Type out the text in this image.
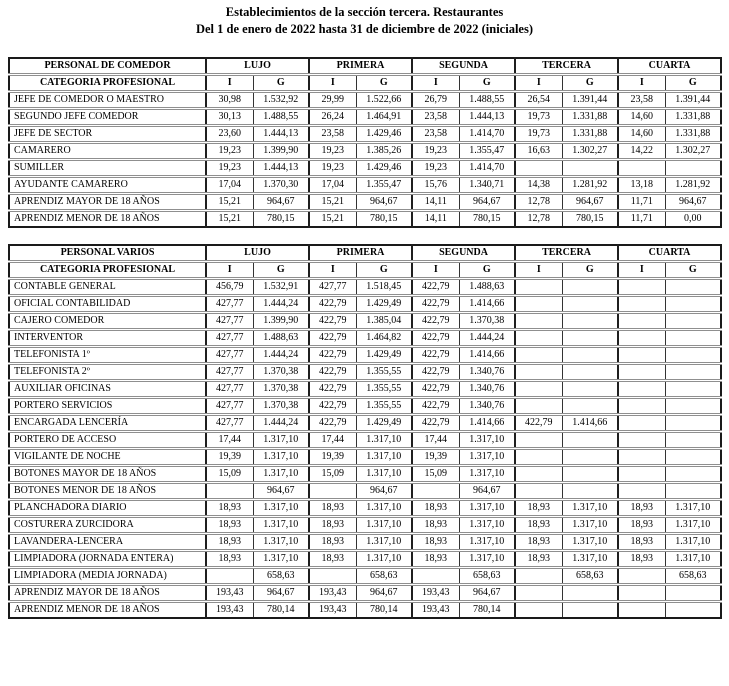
Establecimientos de la sección tercera. Restaurantes
Del 1 de enero de 2022 hasta 31 de diciembre de 2022 (iniciales)
PERSONAL DE COMEDOR	LUJO		PRIMERA		SEGUNDA		TERCERA		CUARTA	
CATEGORIA PROFESIONAL	I	G	I	G	I	G	I	G	I	G
JEFE DE COMEDOR O MAESTRO	30,98	1.532,92	29,99	1.522,66	26,79	1.488,55	26,54	1.391,44	23,58	1.391,44
SEGUNDO JEFE COMEDOR	30,13	1.488,55	26,24	1.464,91	23,58	1.444,13	19,73	1.331,88	14,60	1.331,88
JEFE DE SECTOR	23,60	1.444,13	23,58	1.429,46	23,58	1.414,70	19,73	1.331,88	14,60	1.331,88
CAMARERO	19,23	1.399,90	19,23	1.385,26	19,23	1.355,47	16,63	1.302,27	14,22	1.302,27
SUMILLER	19,23	1.444,13	19,23	1.429,46	19,23	1.414,70				
AYUDANTE CAMARERO	17,04	1.370,30	17,04	1.355,47	15,76	1.340,71	14,38	1.281,92	13,18	1.281,92
APRENDIZ MAYOR DE 18 AÑOS	15,21	964,67	15,21	964,67	14,11	964,67	12,78	964,67	11,71	964,67
APRENDIZ MENOR DE 18 AÑOS	15,21	780,15	15,21	780,15	14,11	780,15	12,78	780,15	11,71	0,00
PERSONAL VARIOS	LUJO		PRIMERA		SEGUNDA		TERCERA		CUARTA	
CATEGORIA PROFESIONAL	I	G	I	G	I	G	I	G	I	G
CONTABLE GENERAL	456,79	1.532,91	427,77	1.518,45	422,79	1.488,63				
OFICIAL CONTABILIDAD	427,77	1.444,24	422,79	1.429,49	422,79	1.414,66				
CAJERO COMEDOR	427,77	1.399,90	422,79	1.385,04	422,79	1.370,38				
INTERVENTOR	427,77	1.488,63	422,79	1.464,82	422,79	1.444,24				
TELEFONISTA 1º	427,77	1.444,24	422,79	1.429,49	422,79	1.414,66				
TELEFONISTA 2º	427,77	1.370,38	422,79	1.355,55	422,79	1.340,76				
AUXILIAR OFICINAS	427,77	1.370,38	422,79	1.355,55	422,79	1.340,76				
PORTERO SERVICIOS	427,77	1.370,38	422,79	1.355,55	422,79	1.340,76				
ENCARGADA LENCERÍA	427,77	1.444,24	422,79	1.429,49	422,79	1.414,66	422,79	1.414,66		
PORTERO DE ACCESO	17,44	1.317,10	17,44	1.317,10	17,44	1.317,10				
VIGILANTE DE NOCHE	19,39	1.317,10	19,39	1.317,10	19,39	1.317,10				
BOTONES MAYOR DE 18 AÑOS	15,09	1.317,10	15,09	1.317,10	15,09	1.317,10				
BOTONES MENOR DE 18 AÑOS		964,67		964,67		964,67				
PLANCHADORA DIARIO	18,93	1.317,10	18,93	1.317,10	18,93	1.317,10	18,93	1.317,10	18,93	1.317,10
COSTURERA ZURCIDORA	18,93	1.317,10	18,93	1.317,10	18,93	1.317,10	18,93	1.317,10	18,93	1.317,10
LAVANDERA-LENCERA	18,93	1.317,10	18,93	1.317,10	18,93	1.317,10	18,93	1.317,10	18,93	1.317,10
LIMPIADORA (JORNADA ENTERA)	18,93	1.317,10	18,93	1.317,10	18,93	1.317,10	18,93	1.317,10	18,93	1.317,10
LIMPIADORA (MEDIA JORNADA)		658,63		658,63		658,63		658,63		658,63
APRENDIZ MAYOR DE 18 AÑOS	193,43	964,67	193,43	964,67	193,43	964,67				
APRENDIZ MENOR DE 18 AÑOS	193,43	780,14	193,43	780,14	193,43	780,14				
